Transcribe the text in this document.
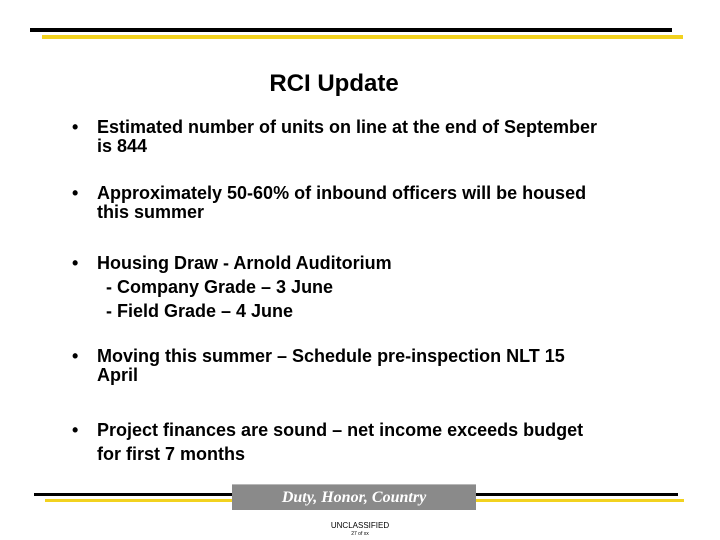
RCI Update
•	Estimated number of units on line at the end of September
is 844
•	Approximately 50-60% of inbound officers will be housed
this summer
•	Housing Draw - Arnold Auditorium
- Company Grade – 3 June
- Field Grade – 4 June
•	Moving this summer – Schedule pre-inspection NLT 15
April
•	Project finances are sound – net income exceeds budget
for first 7 months
Duty, Honor, Country
UNCLASSIFIED
27 of xx
